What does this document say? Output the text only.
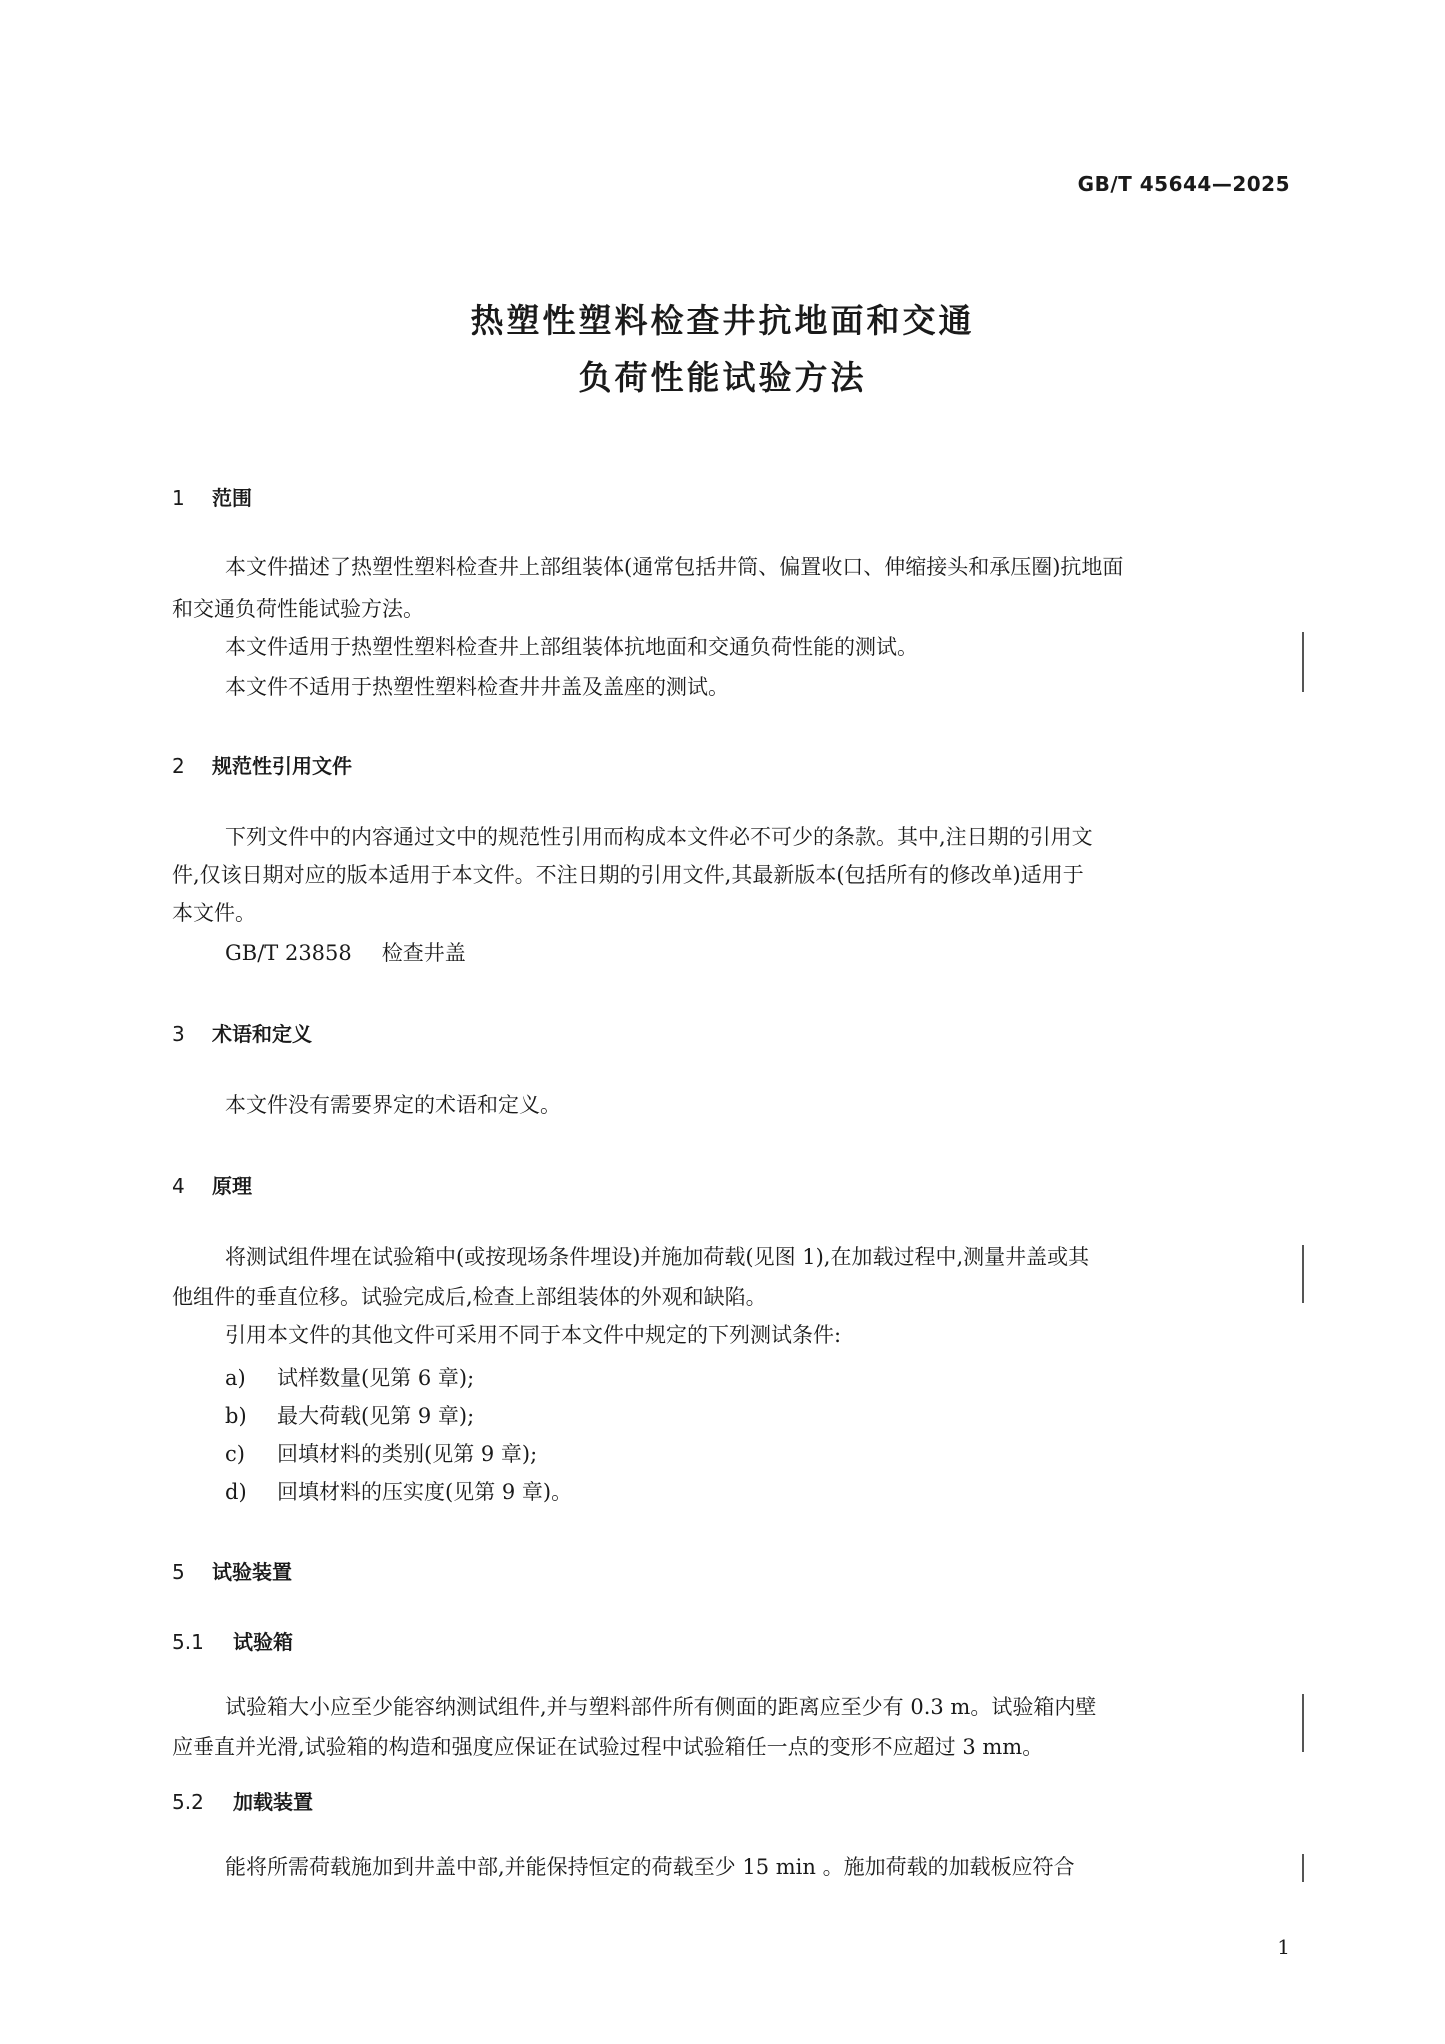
GB/T 45644—2025
热塑性塑料检查井抗地面和交通
负荷性能试验方法
1 范围
本文件描述了热塑性塑料检查井上部组装体(通常包括井筒、偏置收口、伸缩接头和承压圈)抗地面
和交通负荷性能试验方法。
本文件适用于热塑性塑料检查井上部组装体抗地面和交通负荷性能的测试。
本文件不适用于热塑性塑料检查井井盖及盖座的测试。
2 规范性引用文件
下列文件中的内容通过文中的规范性引用而构成本文件必不可少的条款。其中,注日期的引用文
件,仅该日期对应的版本适用于本文件。不注日期的引用文件,其最新版本(包括所有的修改单)适用于
本文件。
GB/T 23858 检查井盖
3 术语和定义
本文件没有需要界定的术语和定义。
4 原理
将测试组件埋在试验箱中(或按现场条件埋设)并施加荷载(见图 1),在加载过程中,测量井盖或其
他组件的垂直位移。试验完成后,检查上部组装体的外观和缺陷。
引用本文件的其他文件可采用不同于本文件中规定的下列测试条件:
a) 试样数量(见第 6 章);
b) 最大荷载(见第 9 章);
c) 回填材料的类别(见第 9 章);
d) 回填材料的压实度(见第 9 章)。
5 试验装置
5.1 试验箱
试验箱大小应至少能容纳测试组件,并与塑料部件所有侧面的距离应至少有 0.3 m。试验箱内壁
应垂直并光滑,试验箱的构造和强度应保证在试验过程中试验箱任一点的变形不应超过 3 mm。
5.2 加载装置
能将所需荷载施加到井盖中部,并能保持恒定的荷载至少 15 min 。施加荷载的加载板应符合
1
